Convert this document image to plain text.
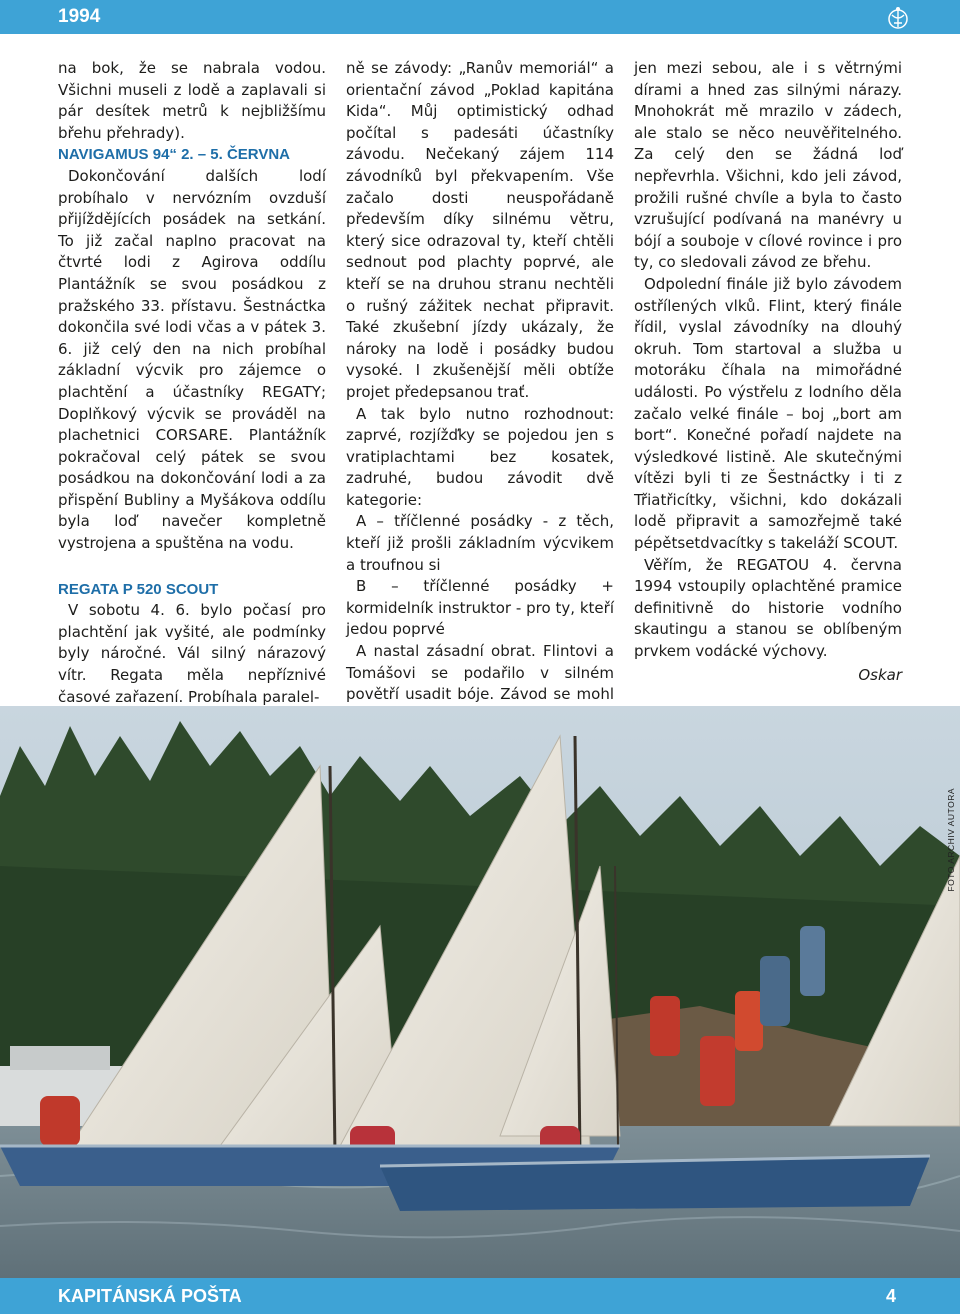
1994

na bok, že se nabrala vodou. Všichni museli z lodě a zaplavali si pár desítek metrů k nejbližšímu břehu přehrady).

NAVIGAMUS 94“ 2. – 5. ČERVNA

Dokončování dalších lodí probíhalo v nervózním ovzduší přijíždějících posádek na setkání. To již začal naplno pracovat na čtvrté lodi z Agirova oddílu Plantážník se svou posádkou z pražského 33. přístavu. Šestnáctka dokončila své lodi včas a v pátek 3. 6. již celý den na nich probíhal základní výcvik pro zájemce o plachtění a účastníky REGATY; Doplňkový výcvik se prováděl na plachetnici CORSARE. Plantážník pokračoval celý pátek se svou posádkou na dokončování lodi a za přispění Bubliny a Myšákova oddílu byla loď navečer kompletně vystrojena a spuštěna na vodu.

REGATA P 520 SCOUT

V sobotu 4. 6. bylo počasí pro plachtění jak vyšité, ale podmínky byly náročné. Vál silný nárazový vítr. Regata měla nepříznivé časové zařazení. Probíhala paralel-

ně se závody: „Ranův memoriál“ a orientační závod „Poklad kapitána Kida“. Můj optimistický odhad počítal s padesáti účastníky závodu. Nečekaný zájem 114 závodníků byl překvapením. Vše začalo dosti neuspořádaně především díky silnému větru, který sice odrazoval ty, kteří chtěli sednout pod plachty poprvé, ale kteří se na druhou stranu nechtěli o rušný zážitek nechat připravit. Také zkušební jízdy ukázaly, že nároky na lodě i posádky budou vysoké. I zkušenější měli obtíže projet předepsanou trať.

A tak bylo nutno rozhodnout: zaprvé, rozjížďky se pojedou jen s vratiplachtami bez kosatek, zadruhé, budou závodit dvě kategorie:

A – tříčlenné posádky - z těch, kteří již prošli základním výcvikem a troufnou si

B – tříčlenné posádky + kormidelník instruktor - pro ty, kteří jedou poprvé

A nastal zásadní obrat. Flintovi a Tomášovi se podařilo v silném povětří usadit bóje. Závod se mohl

jen mezi sebou, ale i s větrnými dírami a hned zas silnými nárazy. Mnohokrát mě mrazilo v zádech, ale stalo se něco neuvěřitelného. Za celý den se žádná loď nepřevrhla. Všichni, kdo jeli závod, prožili rušné chvíle a byla to často vzrušující podívaná na manévry u bójí a souboje v cílové rovince i pro ty, co sledovali závod ze břehu.

Odpolední finále již bylo závodem ostřílených vlků. Flint, který finále řídil, vyslal závodníky na dlouhý okruh. Tom startoval a služba u motoráku číhala na mimořádné události. Po výstřelu z lodního děla začalo velké finále – boj „bort am bort“. Konečné pořadí najdete na výsledkové listině. Ale skutečnými vítězi byli ti ze Šestnáctky i ti z Třiatřicítky, všichni, kdo dokázali lodě připravit a samozřejmě také pépětsetdvacítky s takeláží SCOUT.

Věřím, že REGATOU 4. června 1994 vstoupily oplachtěné pramice definitivně do historie vodního skautingu a stanou se oblíbeným prvkem vodácké výchovy.

Oskar

FOTO ARCHIV AUTORA
KAPITÁNSKÁ POŠTA	4
